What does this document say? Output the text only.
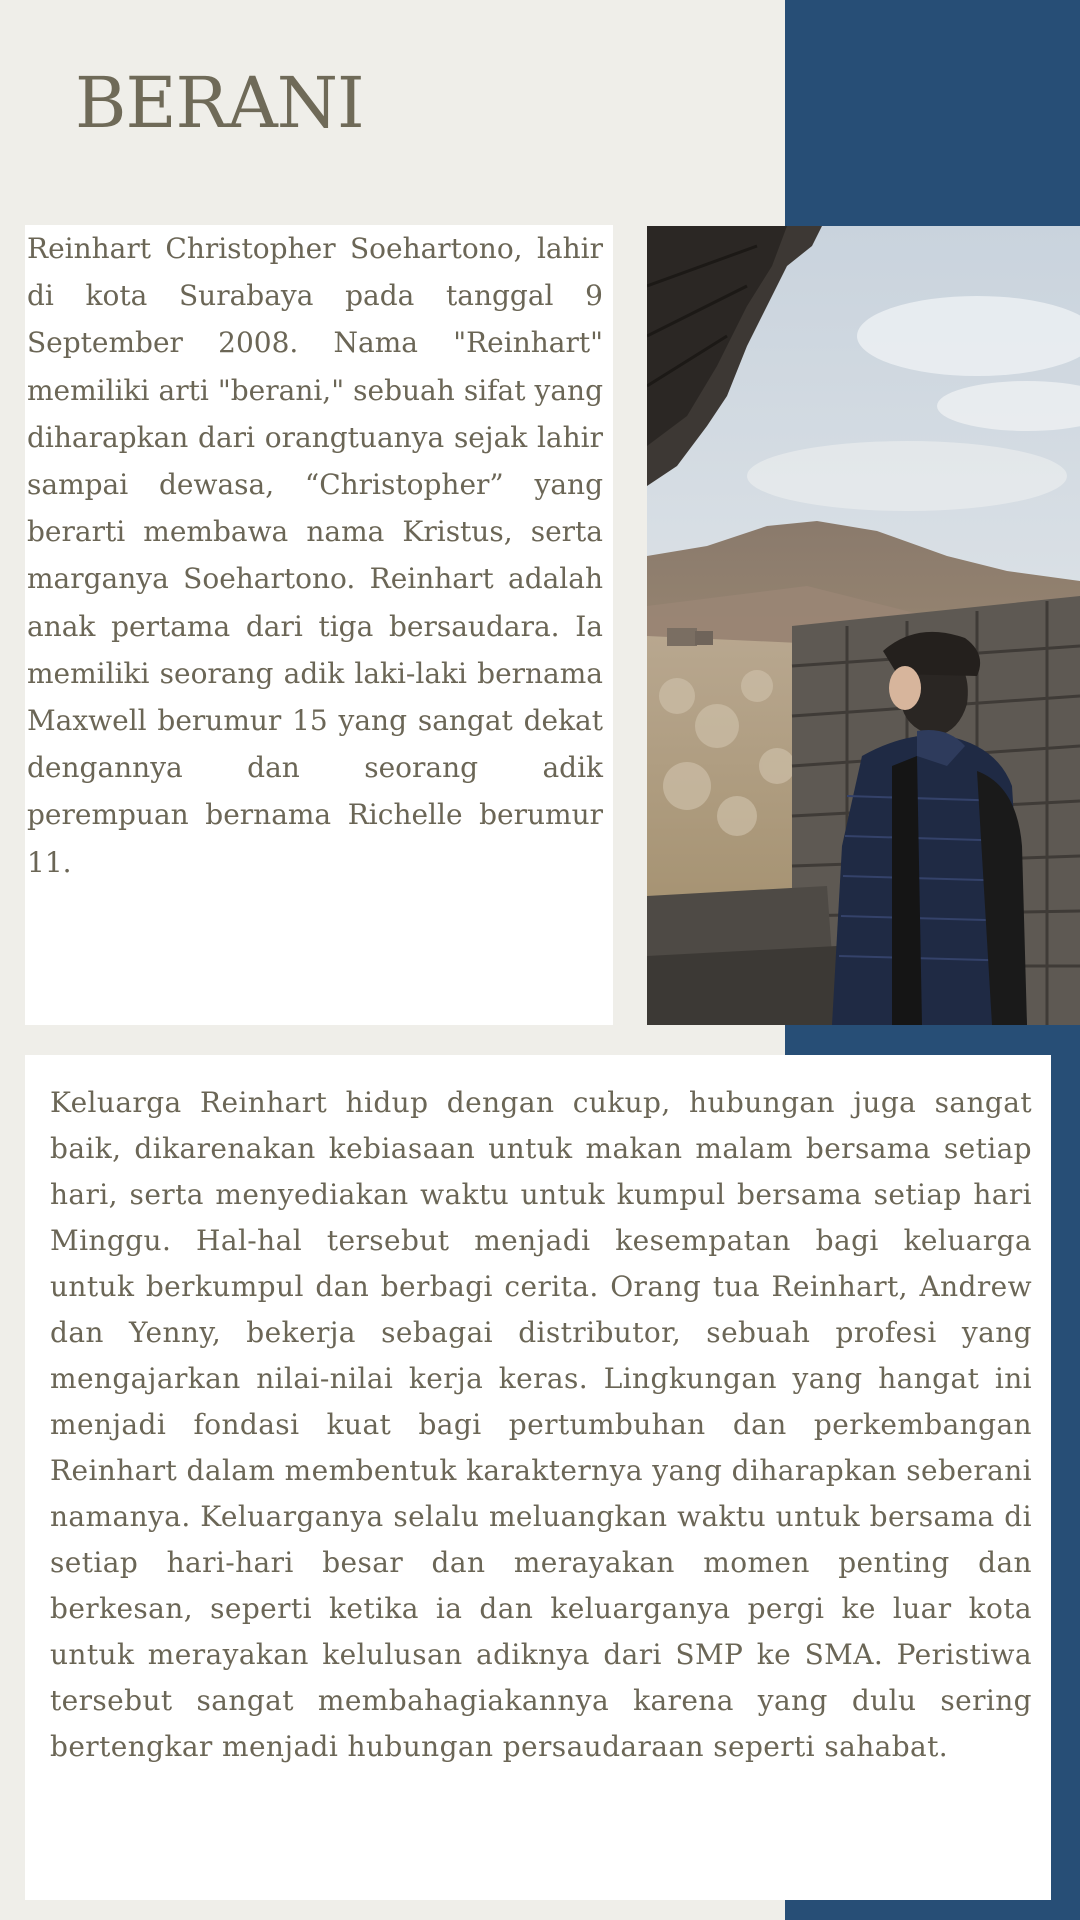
BERANI

Reinhart Christopher Soehartono, lahir di kota Surabaya pada tanggal 9 September 2008. Nama "Reinhart" memiliki arti "berani," sebuah sifat yang diharapkan dari orangtuanya sejak lahir sampai dewasa, “Christopher” yang berarti membawa nama Kristus, serta marganya Soehartono. Reinhart adalah anak pertama dari tiga bersaudara. Ia memiliki seorang adik laki-laki bernama Maxwell berumur 15 yang sangat dekat dengannya dan seorang adik perempuan bernama Richelle berumur 11.

Keluarga Reinhart hidup dengan cukup, hubungan juga sangat baik, dikarenakan kebiasaan untuk makan malam bersama setiap hari, serta menyediakan waktu untuk kumpul bersama setiap hari Minggu. Hal-hal tersebut menjadi kesempatan bagi keluarga untuk berkumpul dan berbagi cerita. Orang tua Reinhart, Andrew dan Yenny, bekerja sebagai distributor, sebuah profesi yang mengajarkan nilai-nilai kerja keras. Lingkungan yang hangat ini menjadi fondasi kuat bagi pertumbuhan dan perkembangan Reinhart dalam membentuk karakternya yang diharapkan seberani namanya. Keluarganya selalu meluangkan waktu untuk bersama di setiap hari-hari besar dan merayakan momen penting dan berkesan, seperti ketika ia dan keluarganya pergi ke luar kota untuk merayakan kelulusan adiknya dari SMP ke SMA. Peristiwa tersebut sangat membahagiakannya karena yang dulu sering bertengkar menjadi hubungan persaudaraan seperti sahabat.
